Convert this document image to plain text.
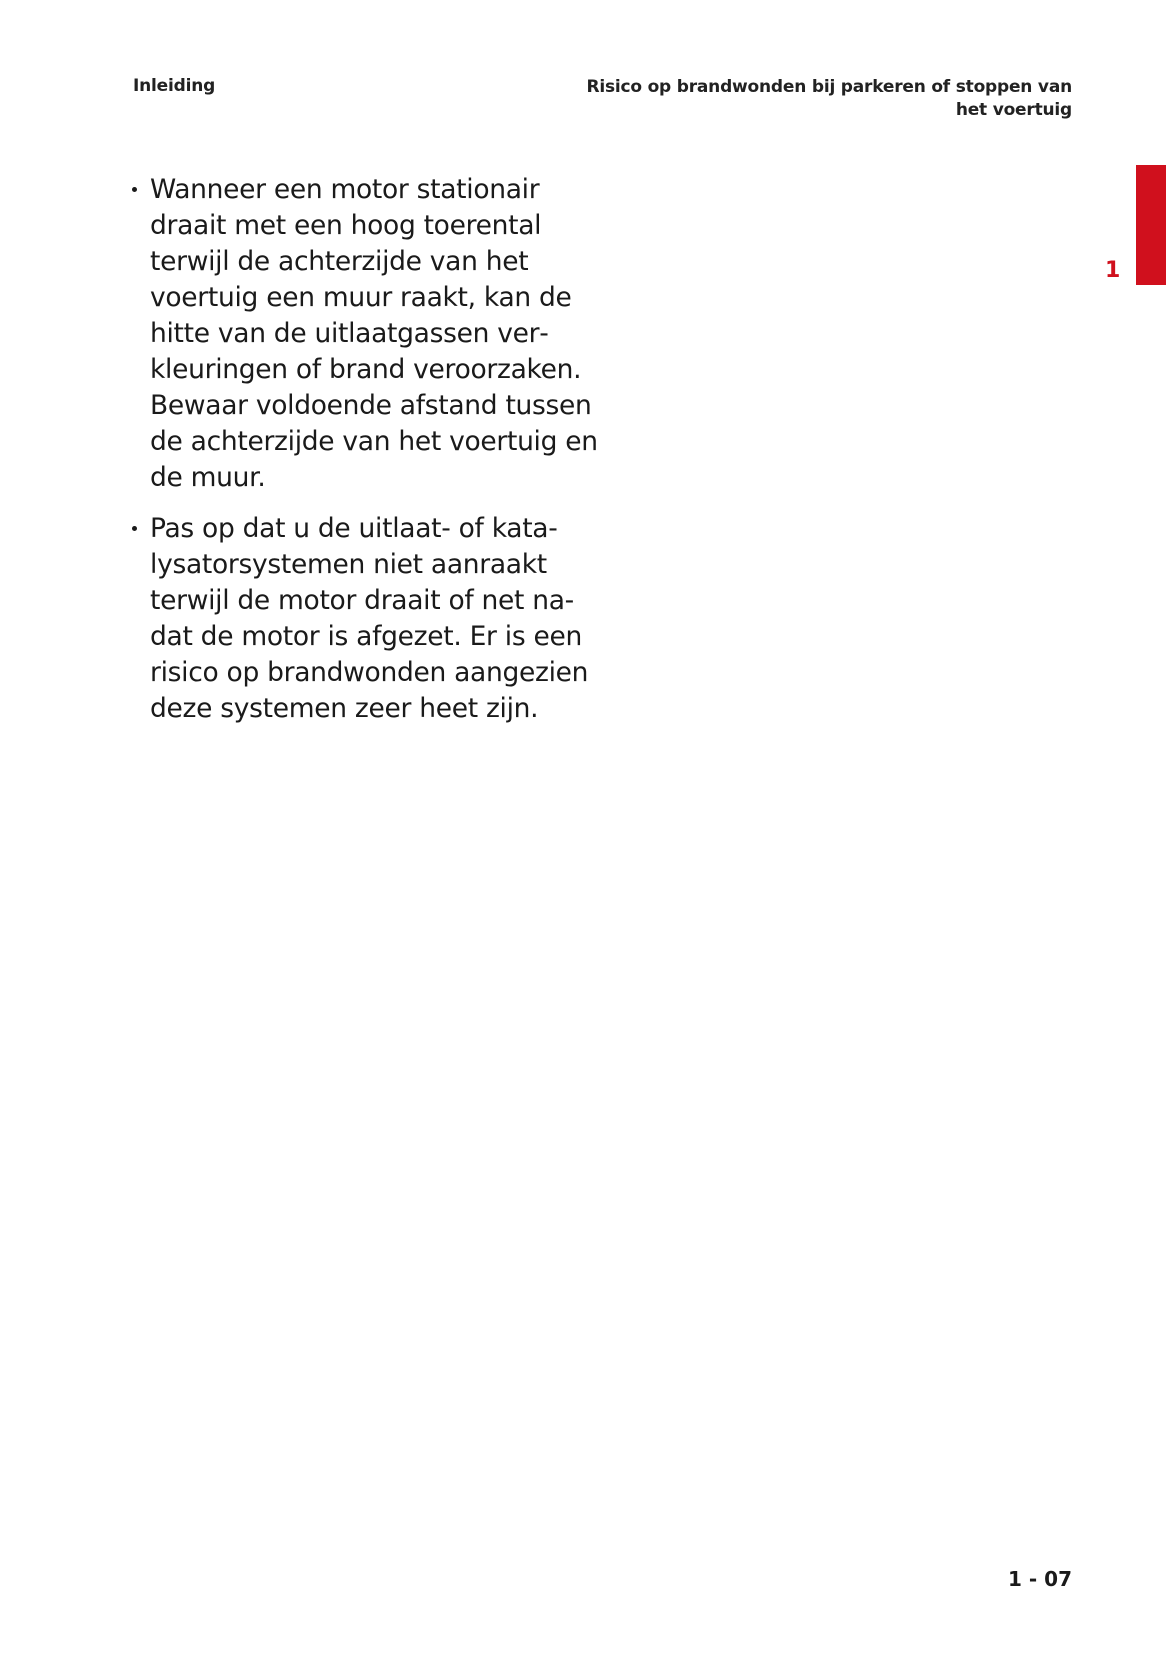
Inleiding	Risico op brandwonden bij parkeren of stoppen van het voertuig
1
Wanneer een motor stationair draait met een hoog toerental terwijl de achterzijde van het voertuig een muur raakt, kan de hitte van de uitlaatgassen verkleuringen of brand veroorzaken. Bewaar voldoende afstand tussen de achterzijde van het voertuig en de muur.
Pas op dat u de uitlaat- of katalysatorsystemen niet aanraakt terwijl de motor draait of net nadat de motor is afgezet. Er is een risico op brandwonden aangezien deze systemen zeer heet zijn.
1 - 07
